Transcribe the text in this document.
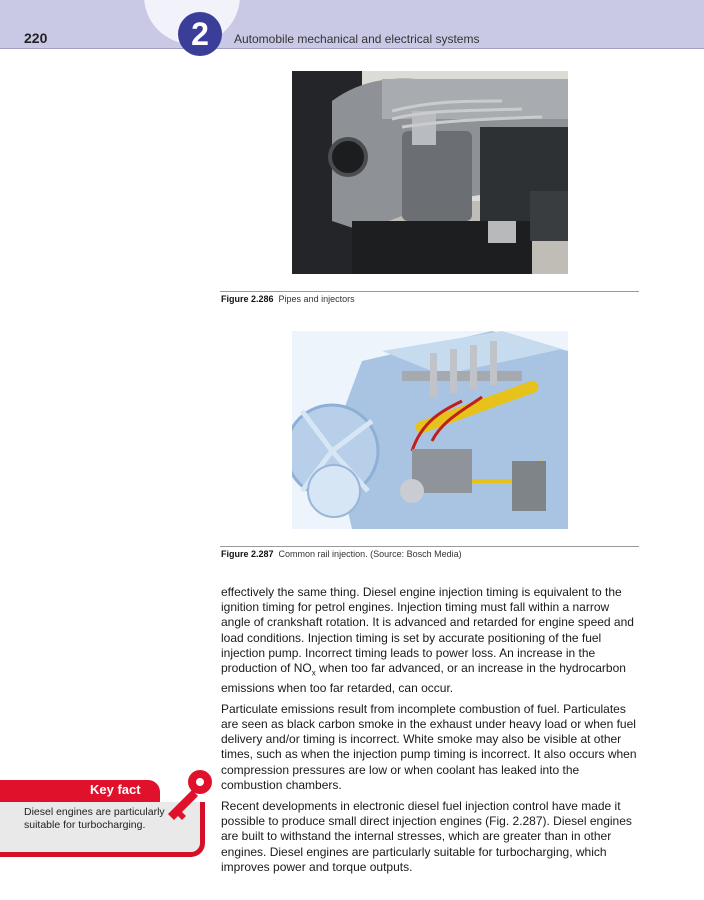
220	2	Automobile mechanical and electrical systems
Figure 2.286 Pipes and injectors
Figure 2.287 Common rail injection. (Source: Bosch Media)

effectively the same thing. Diesel engine injection timing is equivalent to the ignition timing for petrol engines. Injection timing must fall within a narrow angle of crankshaft rotation. It is advanced and retarded for engine speed and load conditions. Injection timing is set by accurate positioning of the fuel injection pump. Incorrect timing leads to power loss. An increase in the production of $NO_x$ when too far advanced, or an increase in the hydrocarbon emissions when too far retarded, can occur.

Particulate emissions result from incomplete combustion of fuel. Particulates are seen as black carbon smoke in the exhaust under heavy load or when fuel delivery and/or timing is incorrect. White smoke may also be visible at other times, such as when the injection pump timing is incorrect. It also occurs when compression pressures are low or when coolant has leaked into the combustion chambers.

Recent developments in electronic diesel fuel injection control have made it possible to produce small direct injection engines (Fig. 2.287). Diesel engines are built to withstand the internal stresses, which are greater than in other engines. Diesel engines are particularly suitable for turbocharging, which improves power and torque outputs.

Key fact
Diesel engines are particularly suitable for turbocharging.
